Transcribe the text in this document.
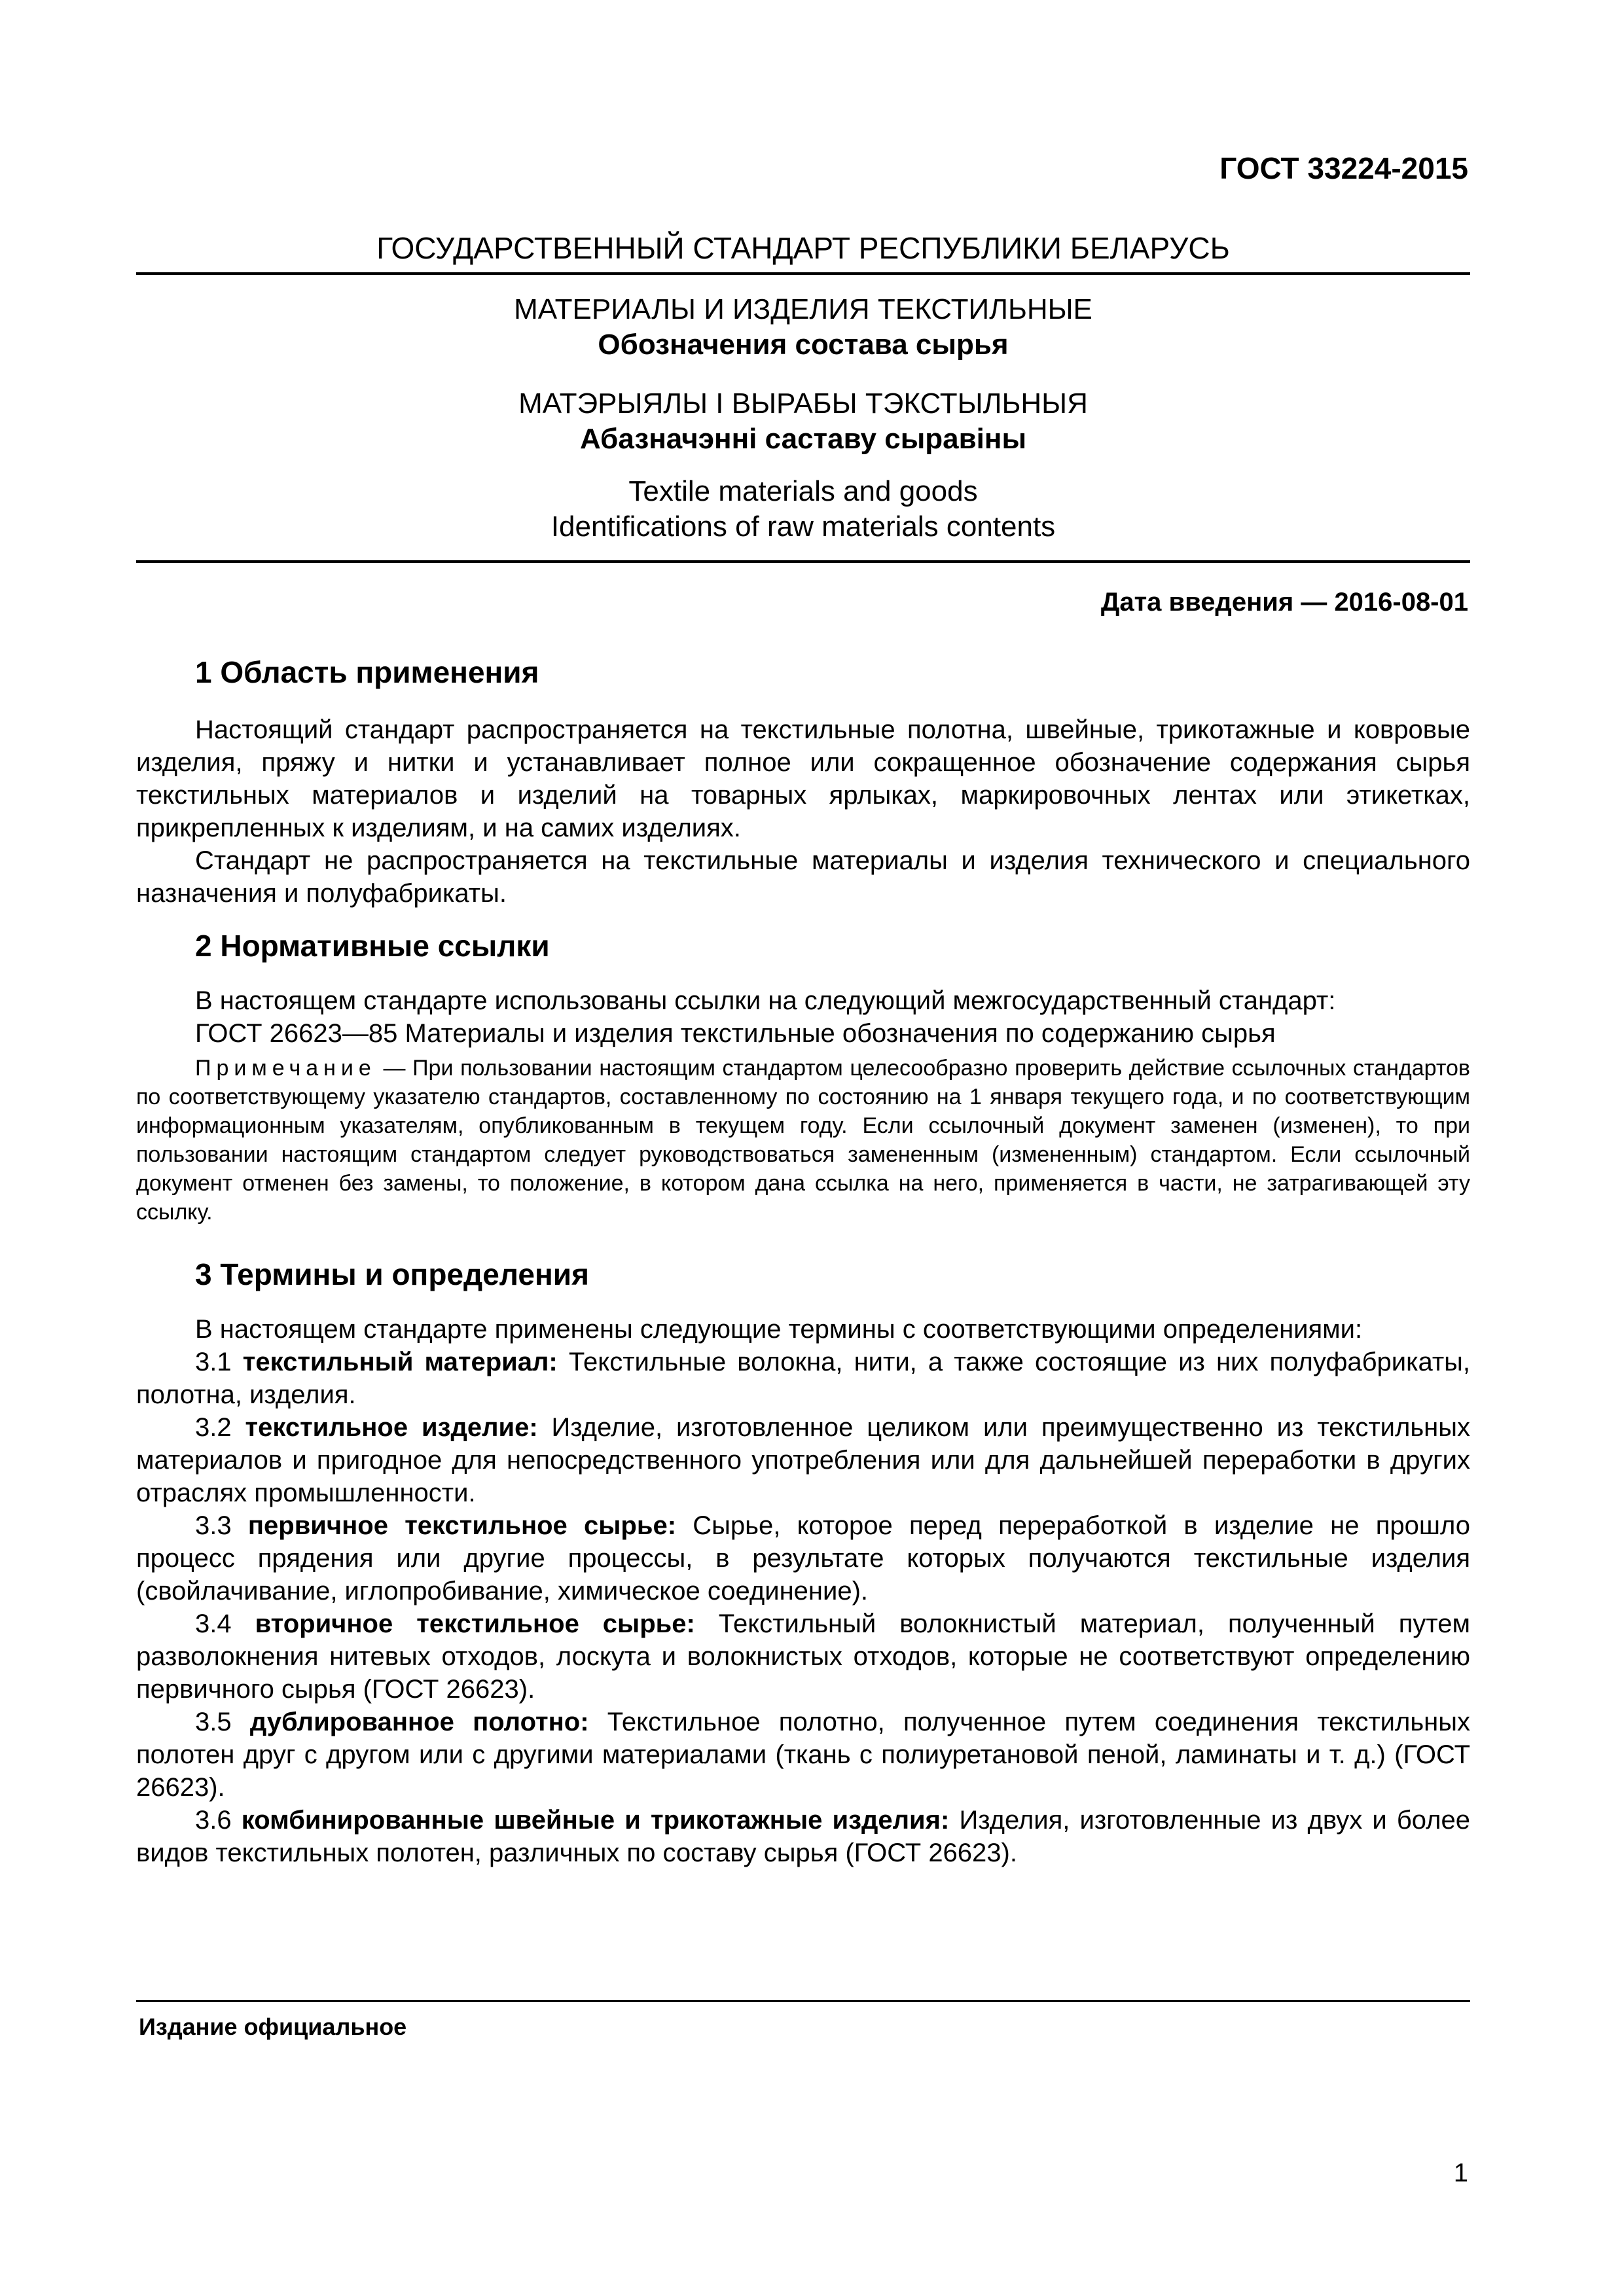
ГОСТ 33224-2015
ГОСУДАРСТВЕННЫЙ СТАНДАРТ РЕСПУБЛИКИ БЕЛАРУСЬ
МАТЕРИАЛЫ И ИЗДЕЛИЯ ТЕКСТИЛЬНЫЕ
Обозначения состава сырья
МАТЭРЫЯЛЫ І ВЫРАБЫ ТЭКСТЫЛЬНЫЯ
Абазначэнні саставу сыравіны
Textile materials and goods
Identifications of raw materials contents
Дата введения — 2016-08-01
1 Область применения

Настоящий стандарт распространяется на текстильные полотна, швейные, трикотажные и ковровые изделия, пряжу и нитки и устанавливает полное или сокращенное обозначение содержания сырья текстильных материалов и изделий на товарных ярлыках, маркировочных лентах или этикетках, прикрепленных к изделиям, и на самих изделиях.

Стандарт не распространяется на текстильные материалы и изделия технического и специального назначения и полуфабрикаты.

2 Нормативные ссылки

В настоящем стандарте использованы ссылки на следующий межгосударственный стандарт:

ГОСТ 26623—85 Материалы и изделия текстильные обозначения по содержанию сырья

Примечание — При пользовании настоящим стандартом целесообразно проверить действие ссылочных стандартов по соответствующему указателю стандартов, составленному по состоянию на 1 января текущего года, и по соответствующим информационным указателям, опубликованным в текущем году. Если ссылочный документ заменен (изменен), то при пользовании настоящим стандартом следует руководствоваться замененным (измененным) стандартом. Если ссылочный документ отменен без замены, то положение, в котором дана ссылка на него, применяется в части, не затрагивающей эту ссылку.
3 Термины и определения

В настоящем стандарте применены следующие термины с соответствующими определениями:

3.1 текстильный материал: Текстильные волокна, нити, а также состоящие из них полуфабрикаты, полотна, изделия.

3.2 текстильное изделие: Изделие, изготовленное целиком или преимущественно из текстильных материалов и пригодное для непосредственного употребления или для дальнейшей переработки в других отраслях промышленности.

3.3 первичное текстильное сырье: Сырье, которое перед переработкой в изделие не прошло процесс прядения или другие процессы, в результате которых получаются текстильные изделия (свойлачивание, иглопробивание, химическое соединение).

3.4 вторичное текстильное сырье: Текстильный волокнистый материал, полученный путем разволокнения нитевых отходов, лоскута и волокнистых отходов, которые не соответствуют определению первичного сырья (ГОСТ 26623).

3.5 дублированное полотно: Текстильное полотно, полученное путем соединения текстильных полотен друг с другом или с другими материалами (ткань с полиуретановой пеной, ламинаты и т. д.) (ГОСТ 26623).

3.6 комбинированные швейные и трикотажные изделия: Изделия, изготовленные из двух и более видов текстильных полотен, различных по составу сырья (ГОСТ 26623).

Издание официальное
1
